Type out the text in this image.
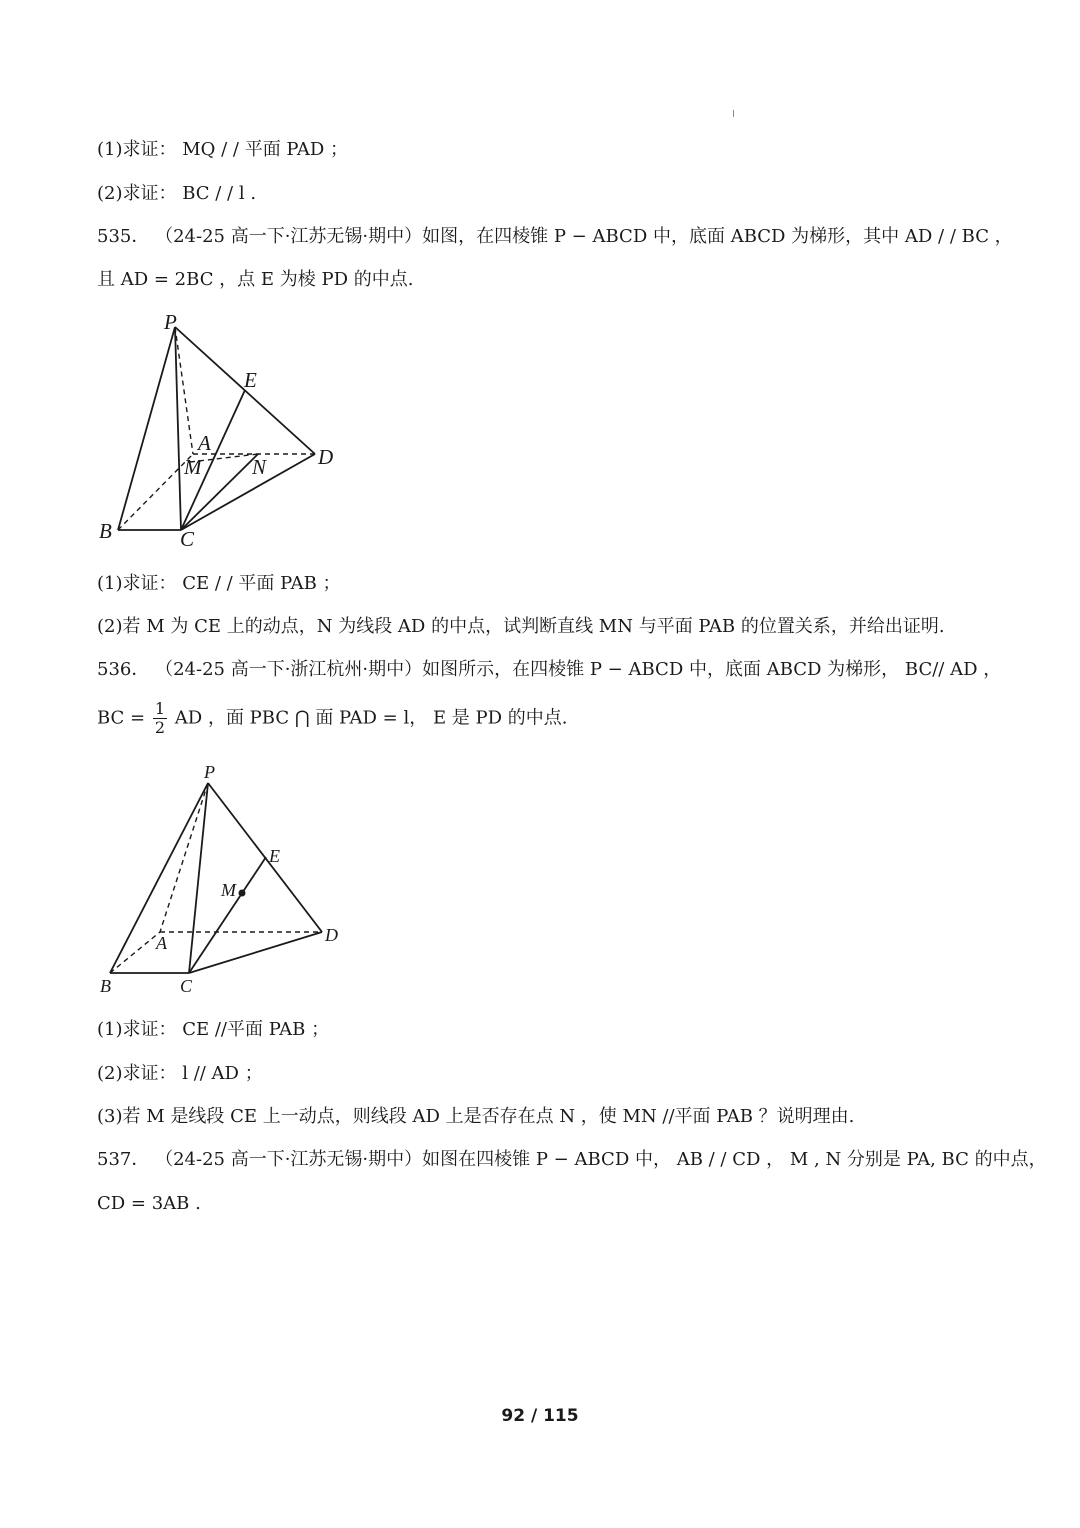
(1)求证： MQ / / 平面 PAD ；
(2)求证： BC / / l .
535． （24-25 高一下·江苏无锡·期中）如图，在四棱锥 P − ABCD 中，底面 ABCD 为梯形，其中 AD / / BC ，
且 AD = 2BC ，点 E 为棱 PD 的中点.
P
E
A
M N D
B	C
(1)求证： CE / / 平面 PAB ；
(2)若 M 为 CE 上的动点，N 为线段 AD 的中点，试判断直线 MN 与平面 PAB 的位置关系，并给出证明.
536． （24-25 高一下·浙江杭州·期中）如图所示，在四棱锥 P − ABCD 中，底面 ABCD 为梯形， BC// AD ，
BC = $\frac{1}{2}$ AD ，面 PBC ⋂ 面 PAD = l， E 是 PD 的中点.
P
E
M
A	D
B	C
(1)求证： CE //平面 PAB ；
(2)求证： l // AD ；
(3)若 M 是线段 CE 上一动点，则线段 AD 上是否存在点 N ，使 MN //平面 PAB ？说明理由.
537． （24-25 高一下·江苏无锡·期中）如图在四棱锥 P − ABCD 中， AB / / CD ， M , N 分别是 PA, BC 的中点，
CD = 3AB .
92 / 115
